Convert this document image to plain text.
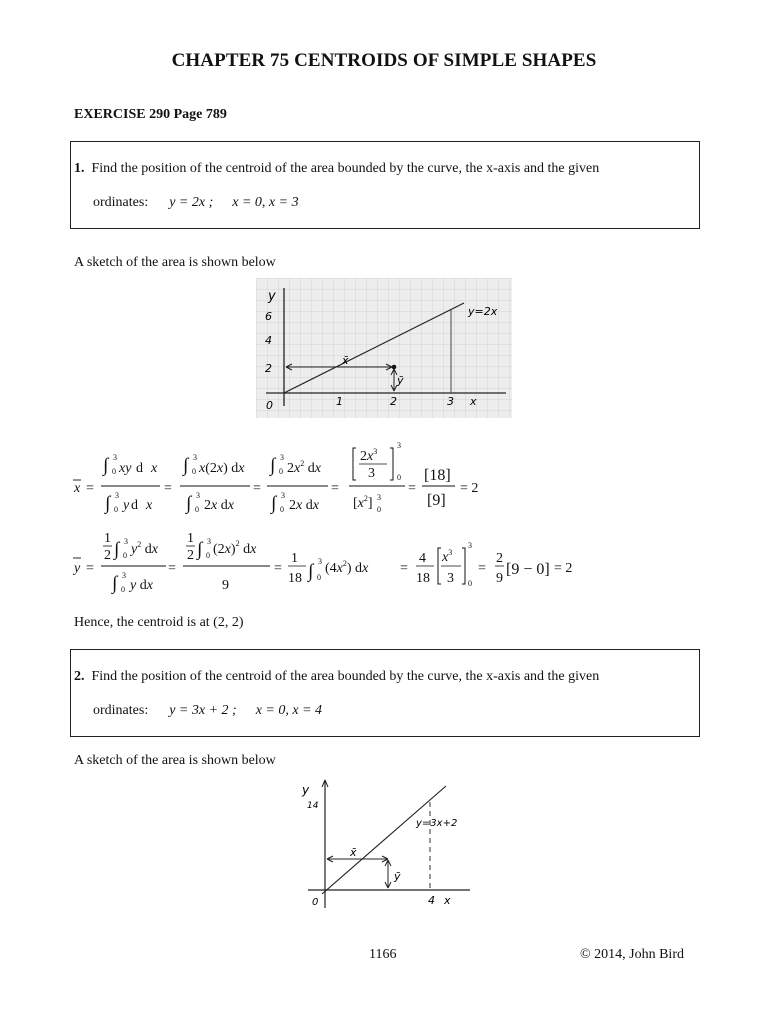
CHAPTER 75 CENTROIDS OF SIMPLE SHAPES
EXERCISE 290 Page 789
1. Find the position of the centroid of the area bounded by the curve, the x-axis and the given
ordinates: y = 2x ; x = 0, x = 3
A sketch of the area is shown below
y
2
4
6
0	1	2	3 x
y=2x
x̄
ȳ
x =
∫ 3
0 xy d x
∫ 3
0 y d x
=
∫ 3
0 x(2x) dx
∫ 3
0 2x dx
=
∫ 3
0 $2x^2$ dx
∫ 3
0 2x dx
=
$2x^3$
3
3
0
$[x^2]$ 3
0
=
[18]
[9]
= 2
y =
1
2 ∫ 3
0 $y^2$ dx
∫ 3
0 y dx
=
1
2 ∫ 3
0 $(2x)^2$ dx
9
=
1
18 ∫ 3
0
$(4x^2)$ dx =
4
18
$x^3$
3
3
0
=
2
9
[9 − 0] = 2
Hence, the centroid is at (2, 2)
2. Find the position of the centroid of the area bounded by the curve, the x-axis and the given
ordinates: y = 3x + 2 ; x = 0, x = 4
A sketch of the area is shown below
y
14
0	4 x
y=3x+2
x̄
ȳ
1166	© 2014, John Bird
